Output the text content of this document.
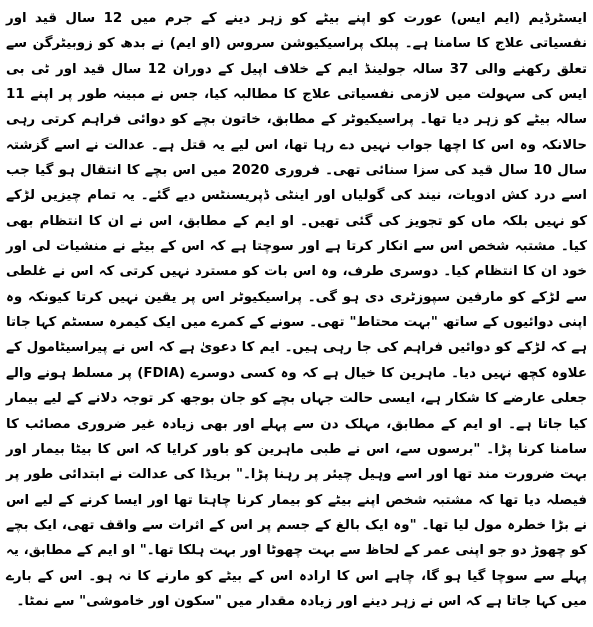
ایسٹرڈیم (ایم ایس) عورت کو اپنے بیٹے کو زہر دینے کے جرم میں 12 سال قید اور نفسیاتی علاج کا سامنا ہے۔ پبلک پراسیکیوشن سروس (او ایم) نے بدھ کو زوبیٹرگن سے تعلق رکھنے والی 37 سالہ جولینڈ ایم کے خلاف اپیل کے دوران 12 سال قید اور ٹی بی ایس کی سہولت میں لازمی نفسیاتی علاج کا مطالبہ کیا، جس نے مبینہ طور پر اپنے 11 سالہ بیٹے کو زہر دیا تھا۔ پراسیکیوٹر کے مطابق، خاتون بچے کو دوائی فراہم کرتی رہی حالانکہ وہ اس کا اچھا جواب نہیں دے رہا تھا، اس لیے یہ قتل ہے۔ عدالت نے اسے گزشتہ سال 10 سال قید کی سزا سنائی تھی۔ فروری 2020 میں اس بچے کا انتقال ہو گیا جب اسے درد کش ادویات، نیند کی گولیاں اور اینٹی ڈپریسنٹس دیے گئے۔ یہ تمام چیزیں لڑکے کو نہیں بلکہ ماں کو تجویز کی گئی تھیں۔ او ایم کے مطابق، اس نے ان کا انتظام بھی کیا۔ مشتبہ شخص اس سے انکار کرتا ہے اور سوچتا ہے کہ اس کے بیٹے نے منشیات لی اور خود ان کا انتظام کیا۔ دوسری طرف، وہ اس بات کو مسترد نہیں کرتی کہ اس نے غلطی سے لڑکے کو مارفین سپوزٹری دی ہو گی۔ پراسیکیوٹر اس پر یقین نہیں کرتا کیونکہ وہ اپنی دوائیوں کے ساتھ "بہت محتاط" تھی۔ سونے کے کمرے میں ایک کیمرہ سسٹم کہا جاتا ہے کہ لڑکے کو دوائیں فراہم کی جا رہی ہیں۔ ایم کا دعویٰ ہے کہ اس نے پیراسیٹامول کے علاوہ کچھ نہیں دیا۔ ماہرین کا خیال ہے کہ وہ کسی دوسرے (FDIA) پر مسلط ہونے والے جعلی عارضے کا شکار ہے، ایسی حالت جہاں بچے کو جان بوجھ کر توجہ دلانے کے لیے بیمار کیا جاتا ہے۔ او ایم کے مطابق، مہلک دن سے پہلے اور بھی زیادہ غیر ضروری مصائب کا سامنا کرنا پڑا۔ "برسوں سے، اس نے طبی ماہرین کو باور کرایا کہ اس کا بیٹا بیمار اور بہت ضرورت مند تھا اور اسے وہیل چیئر پر رہنا پڑا۔" بریڈا کی عدالت نے ابتدائی طور پر فیصلہ دیا تھا کہ مشتبہ شخص اپنے بیٹے کو بیمار کرنا چاہتا تھا اور ایسا کرنے کے لیے اس نے بڑا خطرہ مول لیا تھا۔ "وہ ایک بالغ کے جسم پر اس کے اثرات سے واقف تھی، ایک بچے کو چھوڑ دو جو اپنی عمر کے لحاظ سے بہت چھوٹا اور بہت ہلکا تھا۔" او ایم کے مطابق، یہ پہلے سے سوچا گیا ہو گا، چاہے اس کا ارادہ اس کے بیٹے کو مارنے کا نہ ہو۔ اس کے بارے میں کہا جاتا ہے کہ اس نے زہر دینے اور زیادہ مقدار میں "سکون اور خاموشی" سے نمٹا۔
